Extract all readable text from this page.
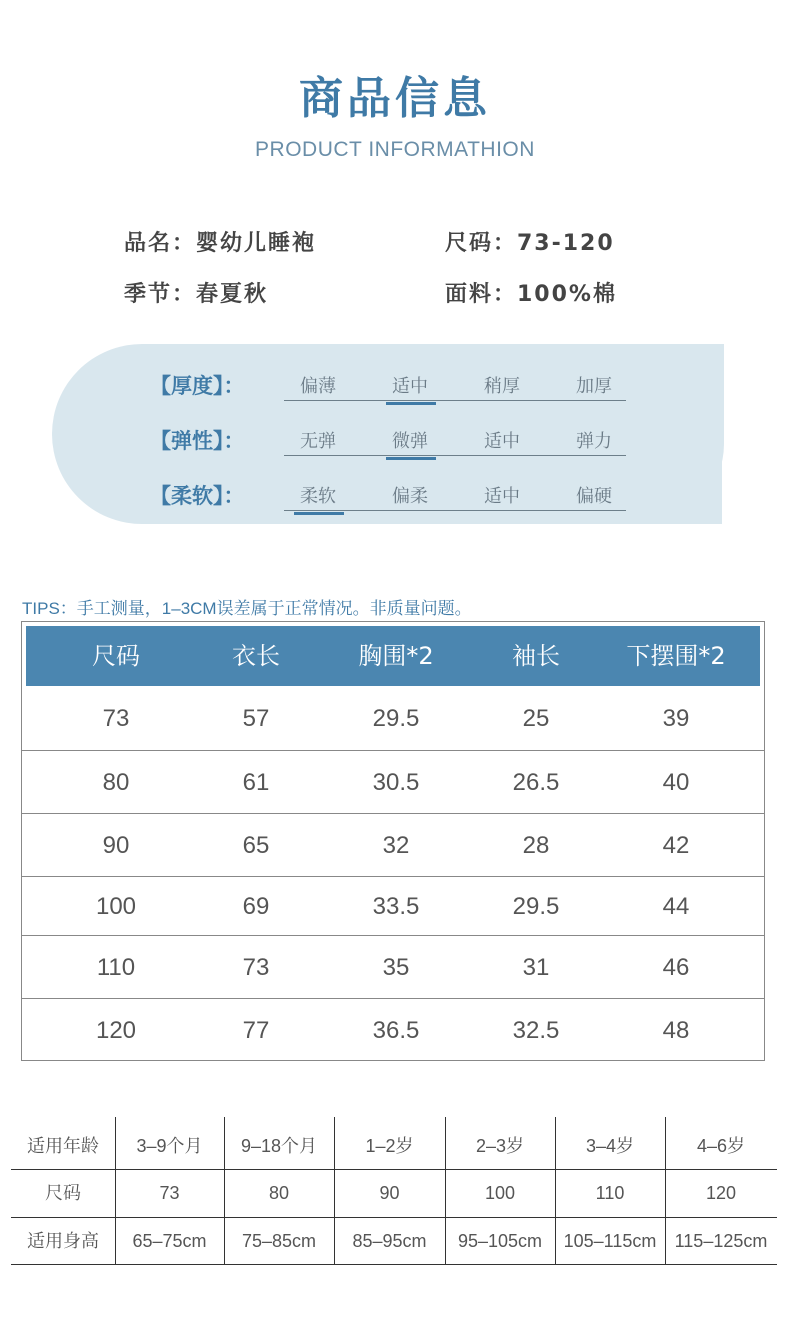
商品信息
PRODUCT INFORMATHION
品名：婴幼儿睡袍	尺码：73-120
季节：春夏秋	面料：100%棉
【厚度】：	偏薄	适中	稍厚	加厚
【弹性】：	无弹	微弹	适中	弹力
【柔软】：	柔软	偏柔	适中	偏硬
TIPS：手工测量，1–3CM误差属于正常情况。非质量问题。
尺码	衣长	胸围*2	袖长	下摆围*2
73	57	29.5	25	39
80	61	30.5	26.5	40
90	65	32	28	42
100	69	33.5	29.5	44
110	73	35	31	46
120	77	36.5	32.5	48
适用年龄	3–9个月	9–18个月	1–2岁	2–3岁	3–4岁	4–6岁
尺码	73	80	90	100	110	120
适用身高	65–75cm	75–85cm	85–95cm	95–105cm	105–115cm	115–125cm
